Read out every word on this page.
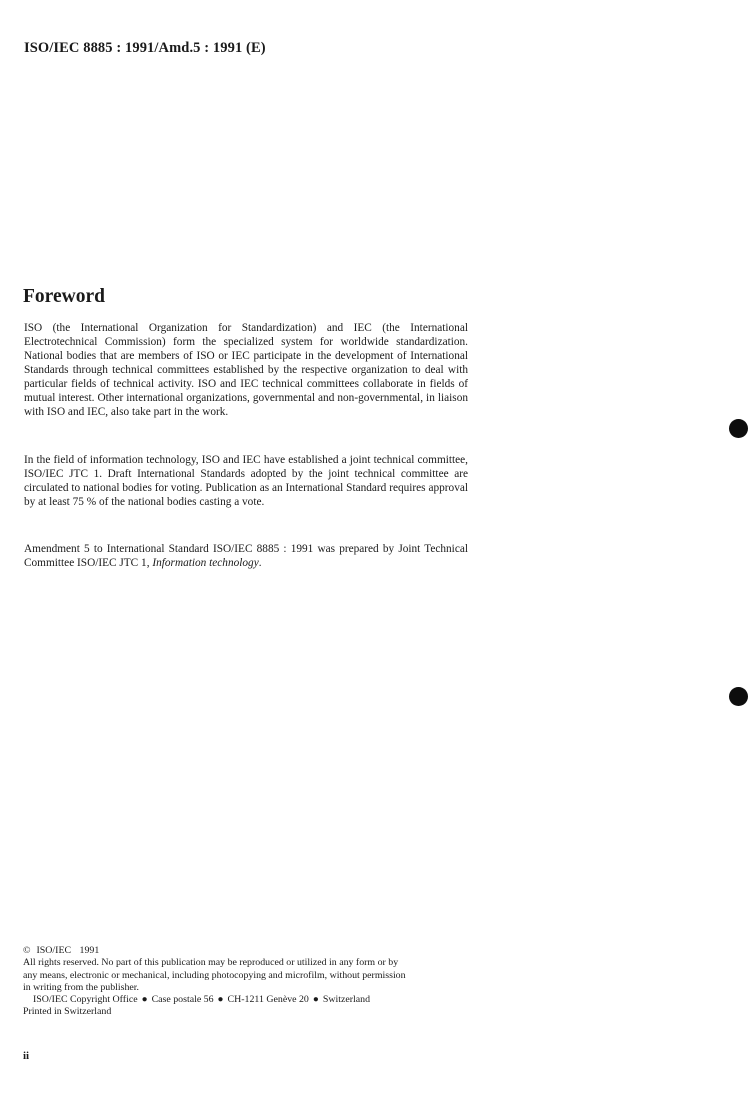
ISO/IEC 8885 : 1991/Amd.5 : 1991 (E)
Foreword

ISO (the International Organization for Standardization) and IEC (the International Electrotechnical Commission) form the specialized system for worldwide standardization. National bodies that are members of ISO or IEC participate in the development of International Standards through technical committees established by the respective organization to deal with particular fields of technical activity. ISO and IEC technical committees collaborate in fields of mutual interest. Other international organizations, governmental and non-governmental, in liaison with ISO and IEC, also take part in the work.

In the field of information technology, ISO and IEC have established a joint technical committee, ISO/IEC JTC 1. Draft International Standards adopted by the joint technical committee are circulated to national bodies for voting. Publication as an International Standard requires approval by at least 75 % of the national bodies casting a vote.

Amendment 5 to International Standard ISO/IEC 8885 : 1991 was prepared by Joint Technical Committee ISO/IEC JTC 1, Information technology.

© ISO/IEC 1991
All rights reserved. No part of this publication may be reproduced or utilized in any form or by
any means, electronic or mechanical, including photocopying and microfilm, without permission
in writing from the publisher.
ISO/IEC Copyright Office ● Case postale 56 ● CH-1211 Genève 20 ● Switzerland
Printed in Switzerland
ii
